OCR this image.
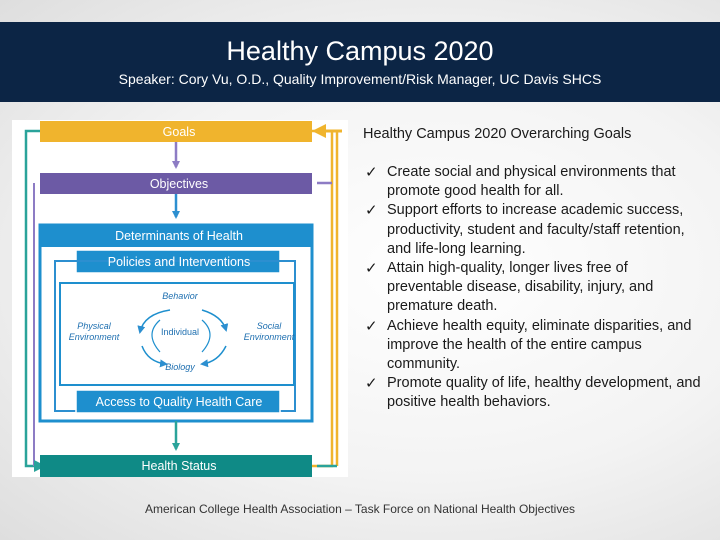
Healthy Campus 2020
Speaker: Cory Vu, O.D., Quality Improvement/Risk Manager, UC Davis SHCS
Goals
Objectives
Determinants of Health
Policies and Interventions
Access to Quality Health Care
Health Status
Behavior
Physical
Environment	Individual
Social
Environment
Biology
Healthy Campus 2020 Overarching Goals
✓ Create social and physical environments that promote good health for all.
✓ Support efforts to increase academic success, productivity, student and faculty/staff retention, and life-long learning.
✓ Attain high-quality, longer lives free of preventable disease, disability, injury, and premature death.
✓ Achieve health equity, eliminate disparities, and improve the health of the entire campus community.
✓ Promote quality of life, healthy development, and positive health behaviors.
American College Health Association – Task Force on National Health Objectives
